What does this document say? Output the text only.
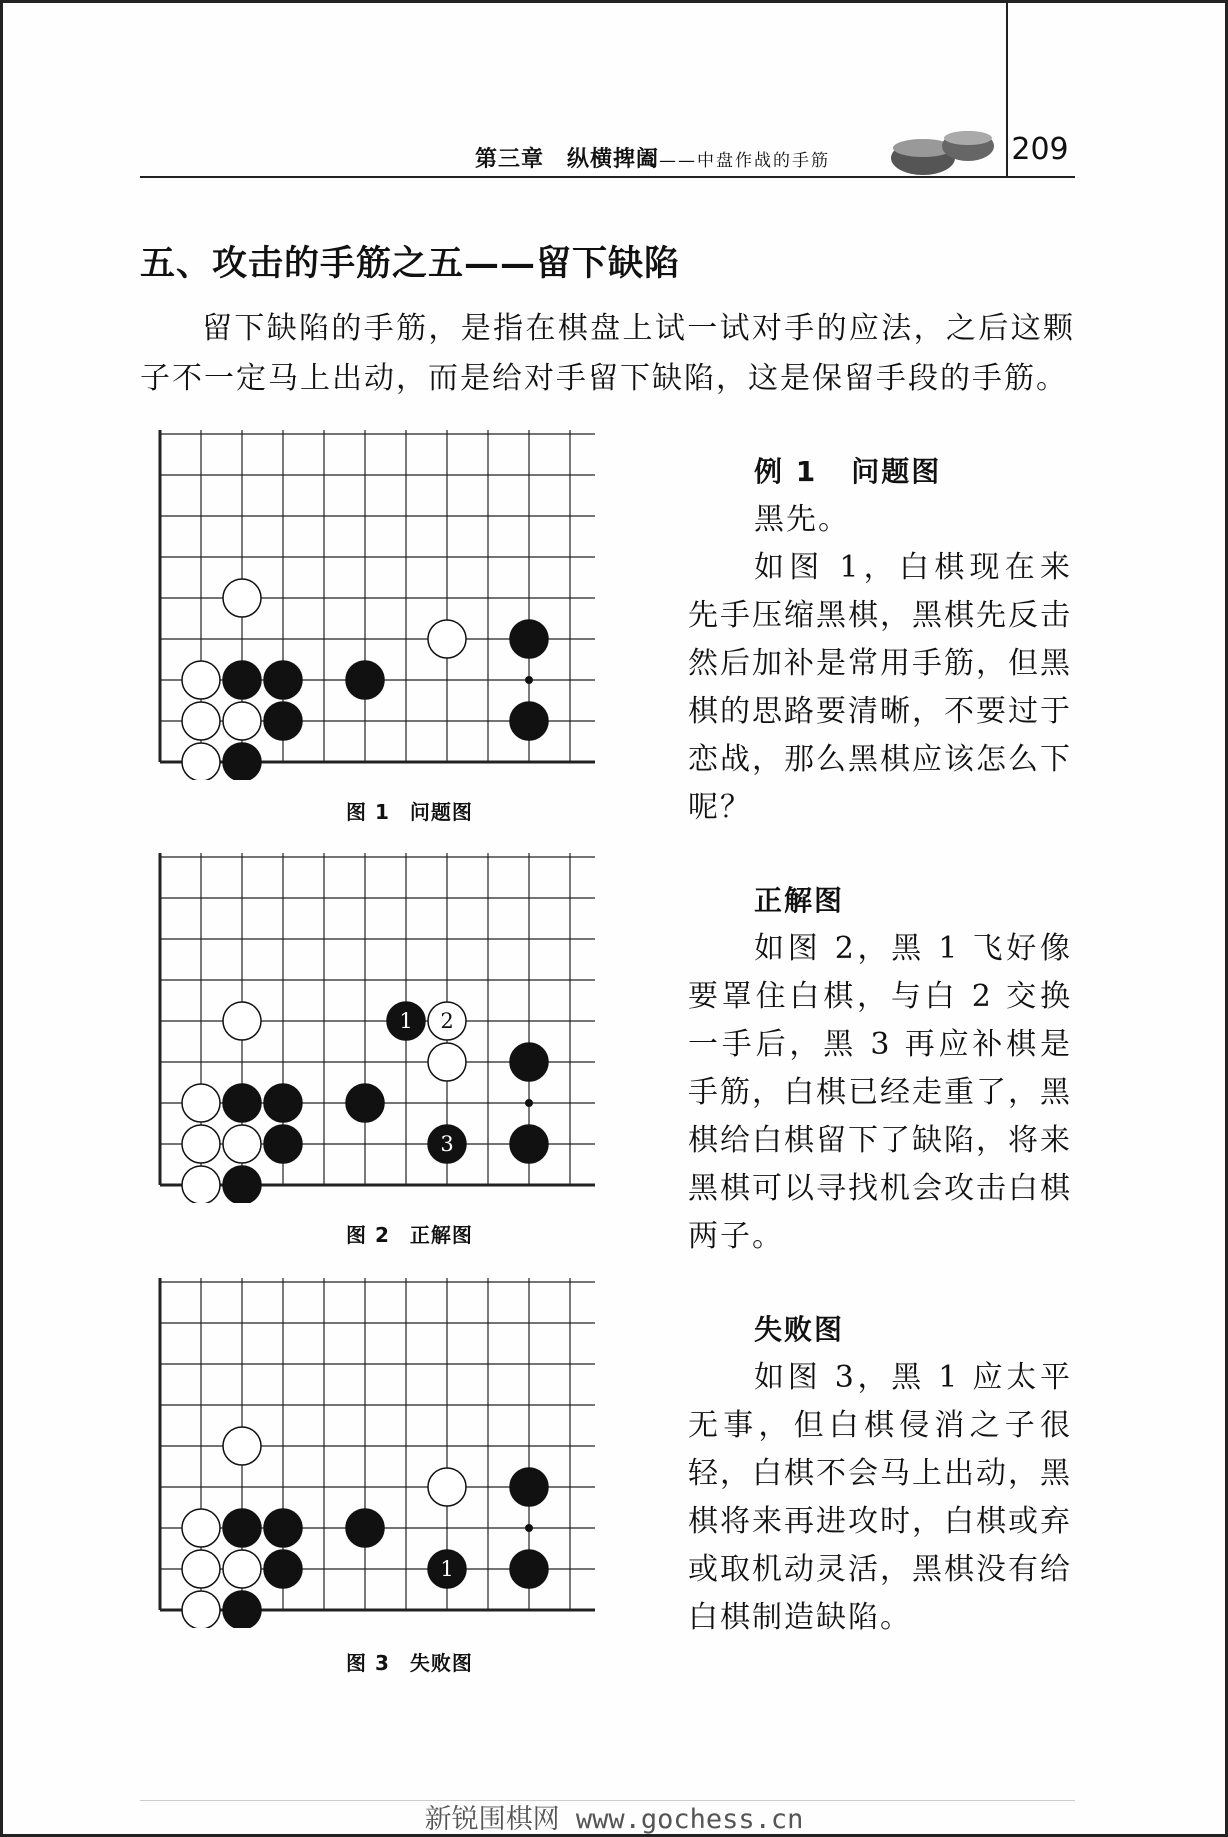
第三章　纵横捭阖——中盘作战的手筋	209
五、攻击的手筋之五——留下缺陷
留下缺陷的手筋，是指在棋盘上试一试对手的应法，之后这颗子不一定马上出动，而是给对手留下缺陷，这是保留手段的手筋。
图 1 问题图
1 2
3
图 2 正解图
1
图 3 失败图
例 1 问题图
黑先。
如图 1，白棋现在来先手压缩黑棋，黑棋先反击然后加补是常用手筋，但黑棋的思路要清晰，不要过于恋战，那么黑棋应该怎么下呢？
正解图
如图 2，黑 1 飞好像要罩住白棋，与白 2 交换一手后，黑 3 再应补棋是手筋，白棋已经走重了，黑棋给白棋留下了缺陷，将来黑棋可以寻找机会攻击白棋两子。
失败图
如图 3，黑 1 应太平无事，但白棋侵消之子很轻，白棋不会马上出动，黑棋将来再进攻时，白棋或弃或取机动灵活，黑棋没有给白棋制造缺陷。
新锐围棋网 www.gochess.cn
